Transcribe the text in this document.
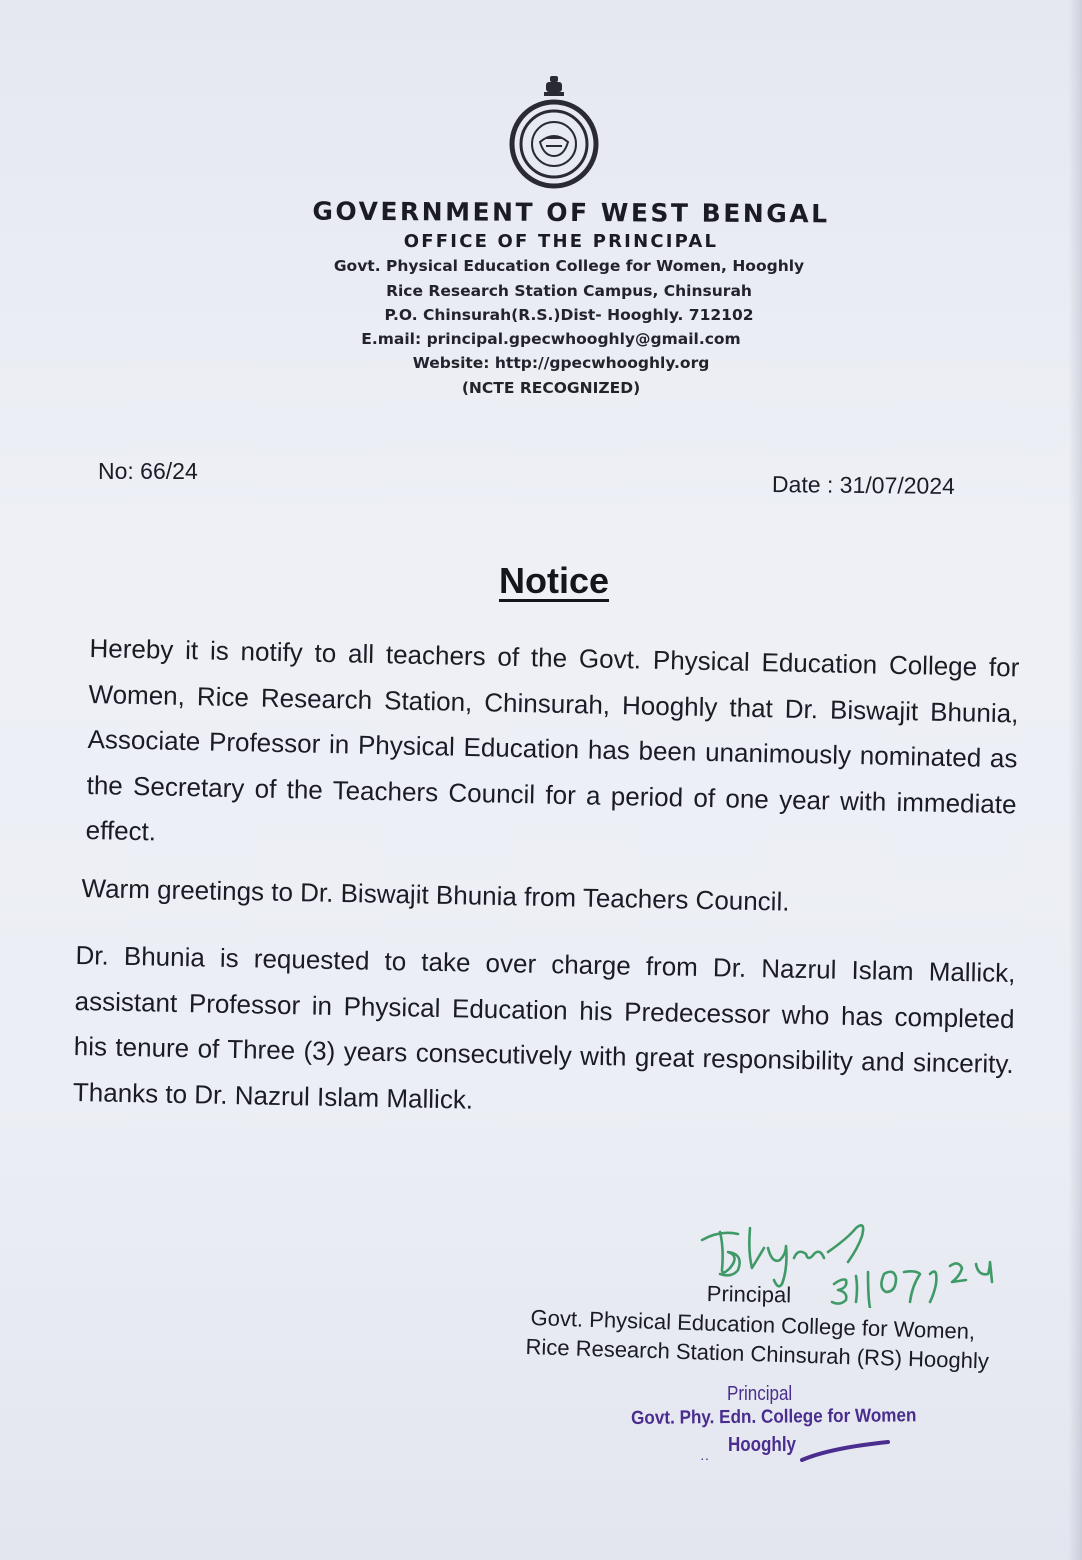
GOVERNMENT OF WEST BENGAL
OFFICE OF THE PRINCIPAL
Govt. Physical Education College for Women, Hooghly
Rice Research Station Campus, Chinsurah
P.O. Chinsurah(R.S.)Dist- Hooghly. 712102
E.mail: principal.gpecwhooghly@gmail.com
Website: http://gpecwhooghly.org
(NCTE RECOGNIZED)
No: 66/24
Date : 31/07/2024
Notice
Hereby it is notify to all teachers of the Govt. Physical Education College for Women, Rice Research Station, Chinsurah, Hooghly that Dr. Biswajit Bhunia, Associate Professor in Physical Education has been unanimously nominated as the Secretary of the Teachers Council for a period of one year with immediate effect.
Warm greetings to Dr. Biswajit Bhunia from Teachers Council.
Dr. Bhunia is requested to take over charge from Dr. Nazrul Islam Mallick, assistant Professor in Physical Education his Predecessor who has completed his tenure of Three (3) years consecutively with great responsibility and sincerity. Thanks to Dr. Nazrul Islam Mallick.
Principal
Govt. Physical Education College for Women,
Rice Research Station Chinsurah (RS) Hooghly
Principal
Govt. Phy. Edn. College for Women
··
Hooghly
